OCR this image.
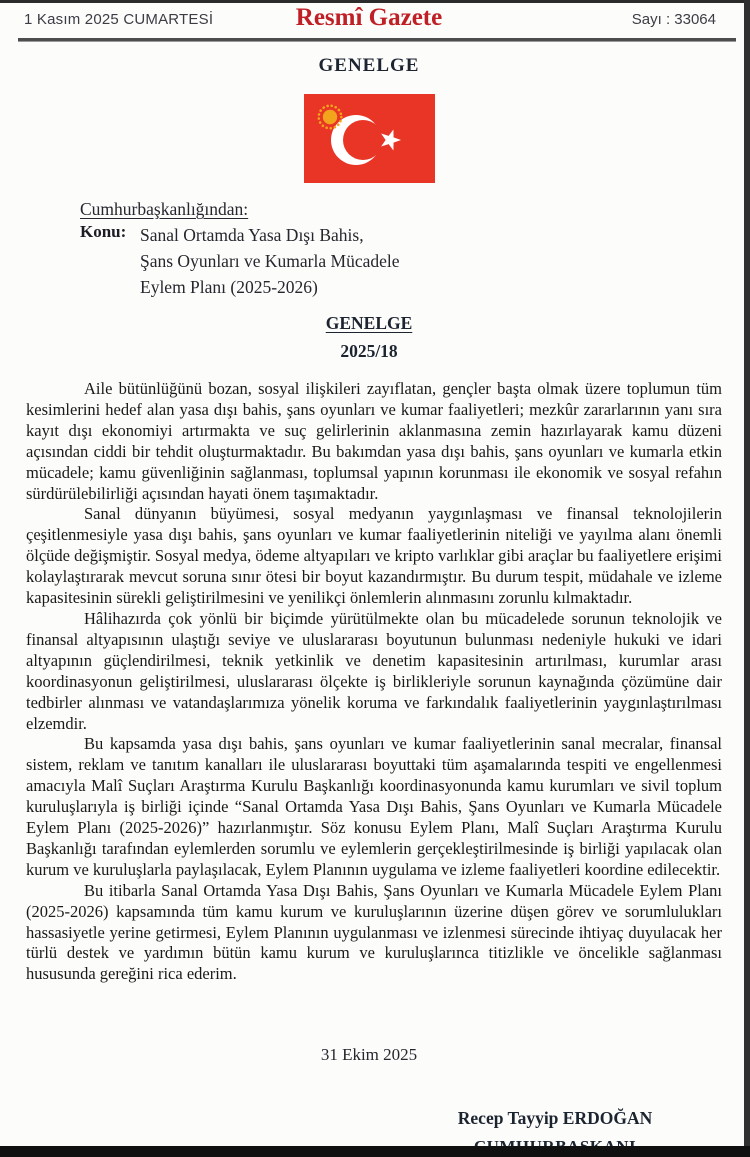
1 Kasım 2025 CUMARTESİ	Resmî Gazete	Sayı : 33064
GENELGE
Cumhurbaşkanlığından:
Konu: Sanal Ortamda Yasa Dışı Bahis,
Şans Oyunları ve Kumarla Mücadele
Eylem Planı (2025-2026)
GENELGE
2025/18

Aile bütünlüğünü bozan, sosyal ilişkileri zayıflatan, gençler başta olmak üzere toplumun tüm kesimlerini hedef alan yasa dışı bahis, şans oyunları ve kumar faaliyetleri; mezkûr zararlarının yanı sıra kayıt dışı ekonomiyi artırmakta ve suç gelirlerinin aklanmasına zemin hazırlayarak kamu düzeni açısından ciddi bir tehdit oluşturmaktadır. Bu bakımdan yasa dışı bahis, şans oyunları ve kumarla etkin mücadele; kamu güvenliğinin sağlanması, toplumsal yapının korunması ile ekonomik ve sosyal refahın sürdürülebilirliği açısından hayati önem taşımaktadır.

Sanal dünyanın büyümesi, sosyal medyanın yaygınlaşması ve finansal teknolojilerin çeşitlenmesiyle yasa dışı bahis, şans oyunları ve kumar faaliyetlerinin niteliği ve yayılma alanı önemli ölçüde değişmiştir. Sosyal medya, ödeme altyapıları ve kripto varlıklar gibi araçlar bu faaliyetlere erişimi kolaylaştırarak mevcut soruna sınır ötesi bir boyut kazandırmıştır. Bu durum tespit, müdahale ve izleme kapasitesinin sürekli geliştirilmesini ve yenilikçi önlemlerin alınmasını zorunlu kılmaktadır.

Hâlihazırda çok yönlü bir biçimde yürütülmekte olan bu mücadelede sorunun teknolojik ve finansal altyapısının ulaştığı seviye ve uluslararası boyutunun bulunması nedeniyle hukuki ve idari altyapının güçlendirilmesi, teknik yetkinlik ve denetim kapasitesinin artırılması, kurumlar arası koordinasyonun geliştirilmesi, uluslararası ölçekte iş birlikleriyle sorunun kaynağında çözümüne dair tedbirler alınması ve vatandaşlarımıza yönelik koruma ve farkındalık faaliyetlerinin yaygınlaştırılması elzemdir.

Bu kapsamda yasa dışı bahis, şans oyunları ve kumar faaliyetlerinin sanal mecralar, finansal sistem, reklam ve tanıtım kanalları ile uluslararası boyuttaki tüm aşamalarında tespiti ve engellenmesi amacıyla Malî Suçları Araştırma Kurulu Başkanlığı koordinasyonunda kamu kurumları ve sivil toplum kuruluşlarıyla iş birliği içinde “Sanal Ortamda Yasa Dışı Bahis, Şans Oyunları ve Kumarla Mücadele Eylem Planı (2025-2026)” hazırlanmıştır. Söz konusu Eylem Planı, Malî Suçları Araştırma Kurulu Başkanlığı tarafından eylemlerden sorumlu ve eylemlerin gerçekleştirilmesinde iş birliği yapılacak olan kurum ve kuruluşlarla paylaşılacak, Eylem Planının uygulama ve izleme faaliyetleri koordine edilecektir.

Bu itibarla Sanal Ortamda Yasa Dışı Bahis, Şans Oyunları ve Kumarla Mücadele Eylem Planı (2025-2026) kapsamında tüm kamu kurum ve kuruluşlarının üzerine düşen görev ve sorumlulukları hassasiyetle yerine getirmesi, Eylem Planının uygulanması ve izlenmesi sürecinde ihtiyaç duyulacak her türlü destek ve yardımın bütün kamu kurum ve kuruluşlarınca titizlikle ve öncelikle sağlanması hususunda gereğini rica ederim.

31 Ekim 2025
Recep Tayyip ERDOĞAN
